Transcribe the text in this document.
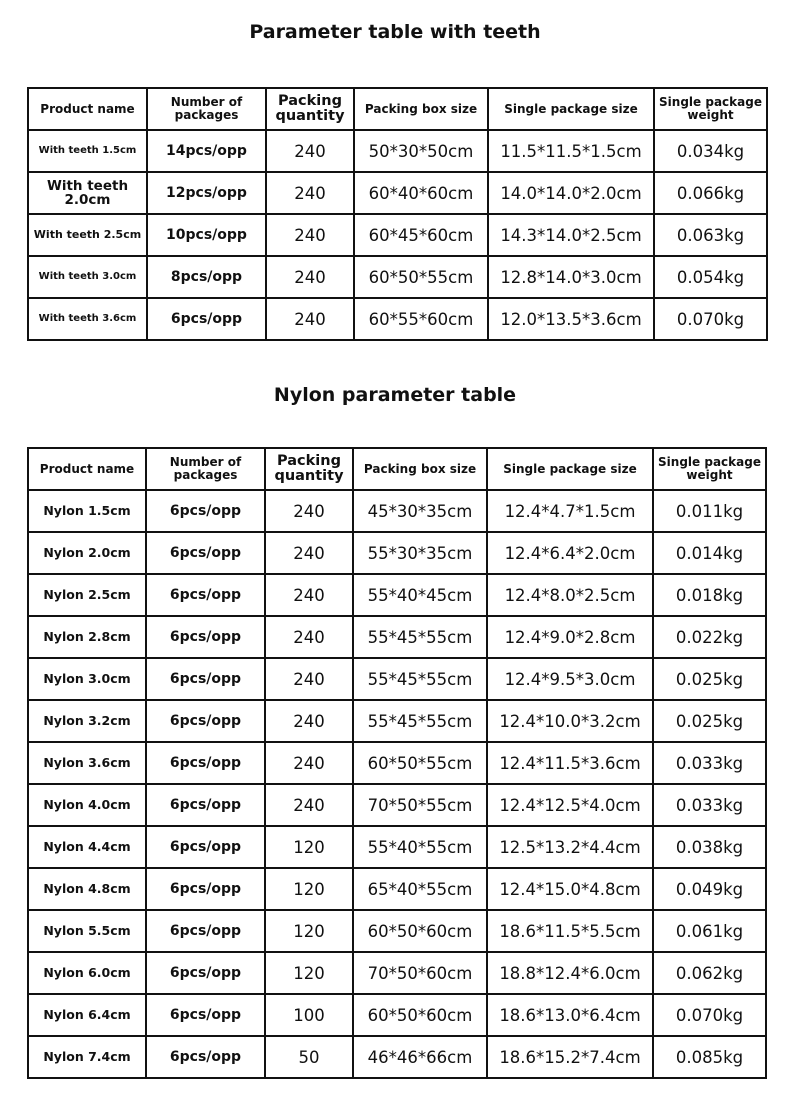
Parameter table with teeth
Product name	Number of packages	Packing quantity	Packing box size	Single package size	Single package weight
With teeth 1.5cm	14pcs/opp	240	50*30*50cm	11.5*11.5*1.5cm	0.034kg
With teeth 2.0cm	12pcs/opp	240	60*40*60cm	14.0*14.0*2.0cm	0.066kg
With teeth 2.5cm	10pcs/opp	240	60*45*60cm	14.3*14.0*2.5cm	0.063kg
With teeth 3.0cm	8pcs/opp	240	60*50*55cm	12.8*14.0*3.0cm	0.054kg
With teeth 3.6cm	6pcs/opp	240	60*55*60cm	12.0*13.5*3.6cm	0.070kg
Nylon parameter table
Product name	Number of packages	Packing quantity	Packing box size	Single package size	Single package weight
Nylon 1.5cm	6pcs/opp	240	45*30*35cm	12.4*4.7*1.5cm	0.011kg
Nylon 2.0cm	6pcs/opp	240	55*30*35cm	12.4*6.4*2.0cm	0.014kg
Nylon 2.5cm	6pcs/opp	240	55*40*45cm	12.4*8.0*2.5cm	0.018kg
Nylon 2.8cm	6pcs/opp	240	55*45*55cm	12.4*9.0*2.8cm	0.022kg
Nylon 3.0cm	6pcs/opp	240	55*45*55cm	12.4*9.5*3.0cm	0.025kg
Nylon 3.2cm	6pcs/opp	240	55*45*55cm	12.4*10.0*3.2cm	0.025kg
Nylon 3.6cm	6pcs/opp	240	60*50*55cm	12.4*11.5*3.6cm	0.033kg
Nylon 4.0cm	6pcs/opp	240	70*50*55cm	12.4*12.5*4.0cm	0.033kg
Nylon 4.4cm	6pcs/opp	120	55*40*55cm	12.5*13.2*4.4cm	0.038kg
Nylon 4.8cm	6pcs/opp	120	65*40*55cm	12.4*15.0*4.8cm	0.049kg
Nylon 5.5cm	6pcs/opp	120	60*50*60cm	18.6*11.5*5.5cm	0.061kg
Nylon 6.0cm	6pcs/opp	120	70*50*60cm	18.8*12.4*6.0cm	0.062kg
Nylon 6.4cm	6pcs/opp	100	60*50*60cm	18.6*13.0*6.4cm	0.070kg
Nylon 7.4cm	6pcs/opp	50	46*46*66cm	18.6*15.2*7.4cm	0.085kg
